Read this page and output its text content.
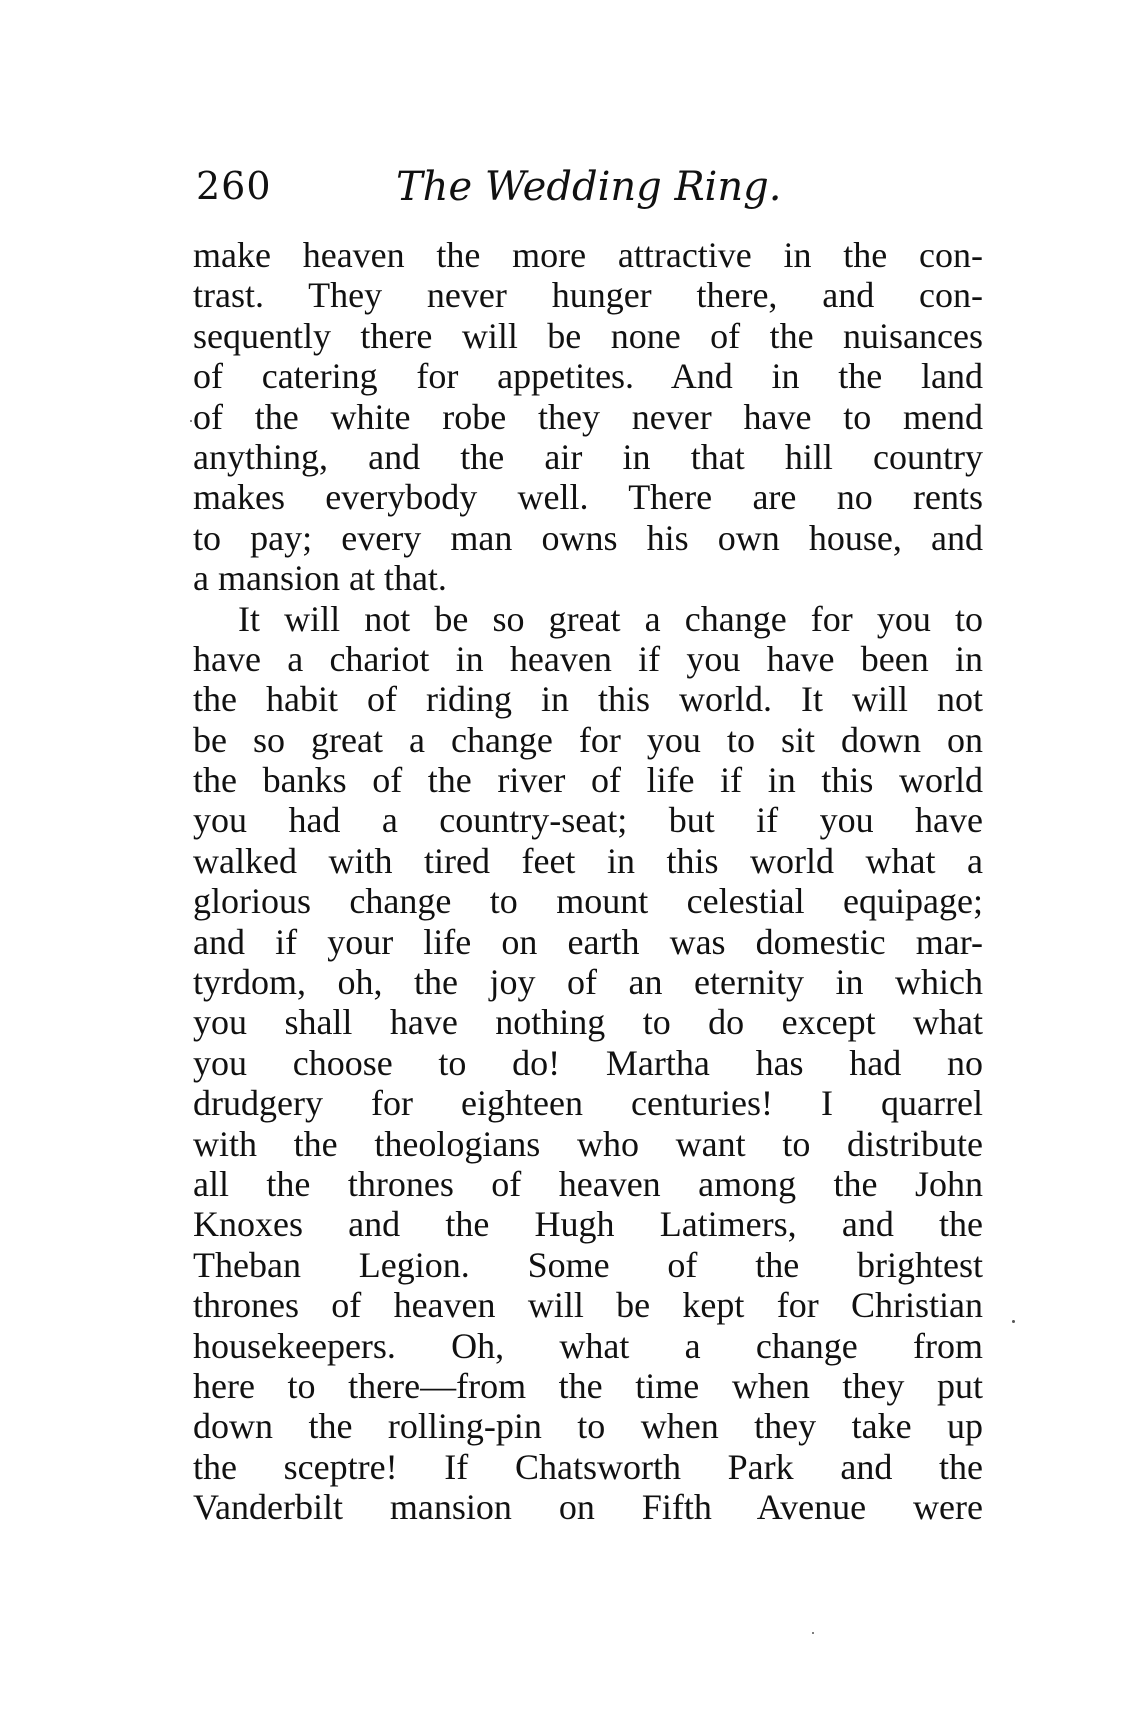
260	The Wedding Ring.
make heaven the more attractive in the con-
trast. They never hunger there, and con-
sequently there will be none of the nuisances
of catering for appetites. And in the land
of the white robe they never have to mend
anything, and the air in that hill country
makes everybody well. There are no rents
to pay; every man owns his own house, and
a mansion at that.
It will not be so great a change for you to
have a chariot in heaven if you have been in
the habit of riding in this world. It will not
be so great a change for you to sit down on
the banks of the river of life if in this world
you had a country-seat; but if you have
walked with tired feet in this world what a
glorious change to mount celestial equipage;
and if your life on earth was domestic mar-
tyrdom, oh, the joy of an eternity in which
you shall have nothing to do except what
you choose to do! Martha has had no
drudgery for eighteen centuries! I quarrel
with the theologians who want to distribute
all the thrones of heaven among the John
Knoxes and the Hugh Latimers, and the
Theban Legion. Some of the brightest
thrones of heaven will be kept for Christian
housekeepers. Oh, what a change from
here to there—from the time when they put
down the rolling-pin to when they take up
the sceptre! If Chatsworth Park and the
Vanderbilt mansion on Fifth Avenue were
